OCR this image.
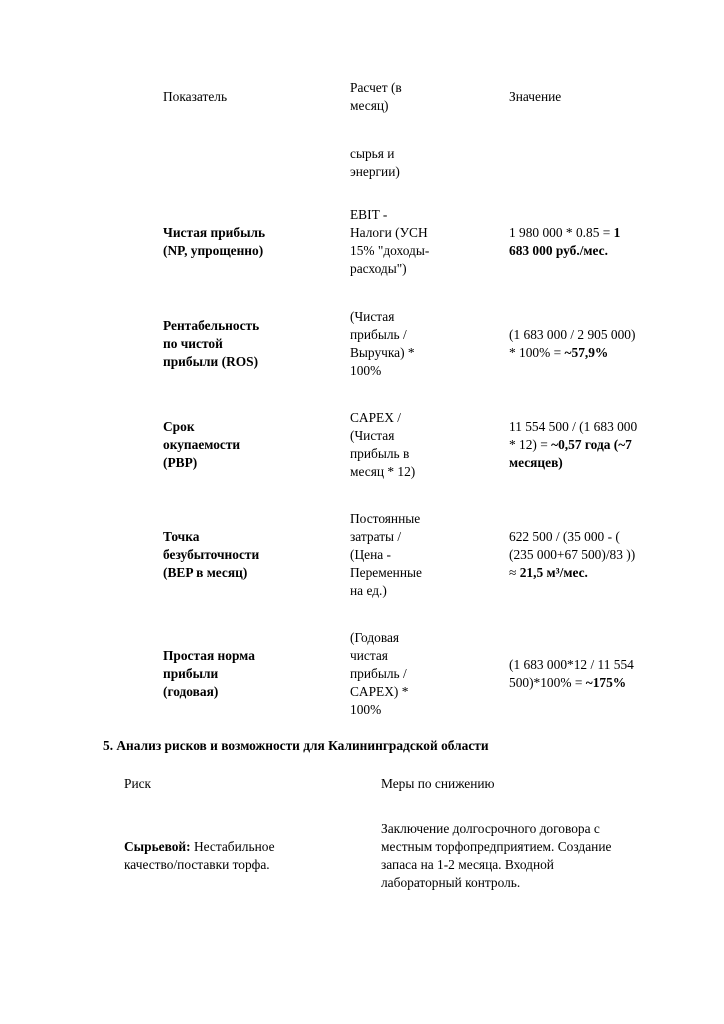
Показатель
Расчет (в
месяц)
Значение
сырья и
энергии)
Чистая прибыль
(NP, упрощенно)
EBIT -
Налоги (УСН
15% "доходы-
расходы")
1 980 000 * 0.85 = 1
683 000 руб./мес.
Рентабельность
по чистой
прибыли (ROS)
(Чистая
прибыль /
Выручка) *
100%
(1 683 000 / 2 905 000)
* 100% = ~57,9%
Срок
окупаемости
(PBP)
CAPEX /
(Чистая
прибыль в
месяц * 12)
11 554 500 / (1 683 000
* 12) = ~0,57 года (~7
месяцев)
Точка
безубыточности
(BEP в месяц)
Постоянные
затраты /
(Цена -
Переменные
на ед.)
622 500 / (35 000 - (
(235 000+67 500)/83 ))
≈ 21,5 м³/мес.
Простая норма
прибыли
(годовая)
(Годовая
чистая
прибыль /
CAPEX) *
100%
(1 683 000*12 / 11 554
500)*100% = ~175%
5. Анализ рисков и возможности для Калининградской области
Риск	Меры по снижению
Сырьевой: Нестабильное
качество/поставки торфа.
Заключение долгосрочного договора с
местным торфопредприятием. Создание
запаса на 1-2 месяца. Входной
лабораторный контроль.
